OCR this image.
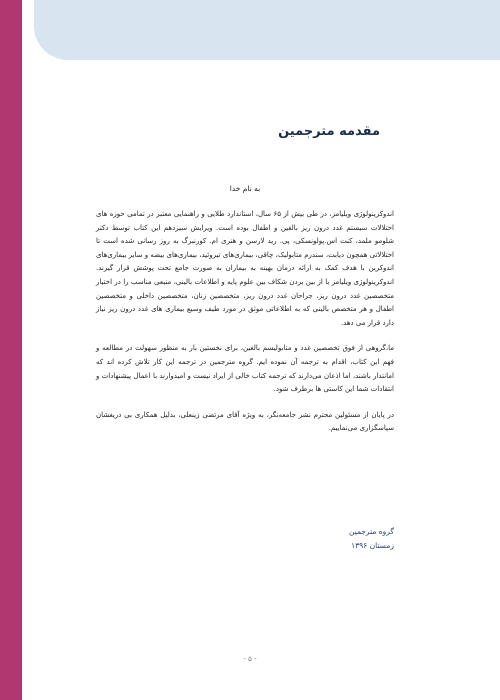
مقدمه مترجمین
به نام خدا

اندوکرینولوژی ویلیامز، در طی بیش از ۶۵ سال، استاندارد طلایی و راهنمایی معتبر در تمامی حوزه های اختلالات سیستم غدد درون ریز بالغین و اطفال بوده است. ویرایش سیزدهم این کتاب توسط دکتر شلومو ملمد، کنت اس.پولونسکی، پی. رید لارسن و هنری ام. کورنبرگ به روز رسانی شده است تا اختلالاتی همچون دیابت، سندرم متابولیک، چاقی، بیماری‌های تیروئید، بیماری‌های بیضه و سایر بیماری‌های اندوکرین با هدف کمک به ارائه درمان بهینه به بیماران به صورت جامع تحت پوشش قرار گیرند. اندوکرینولوژی ویلیامز با از بین بردن شکاف بین علوم پایه و اطلاعات بالینی، منبعی مناسب را در اختیار متخصصین غدد درون ریز، جراحان غدد درون ریز، متخصصین زنان، متخصصین داخلی و متخصصین اطفال و هر متخصص بالینی که به اطلاعاتی موثق در مورد طیف وسیع بیماری های غدد درون ریز نیاز دارد قرار می دهد.

ما،گروهی از فوق تخصصین غدد و متابولیسم بالغین، برای نخستین بار به منظور سهولت در مطالعه و فهم این کتاب، اقدام به ترجمه آن نموده ایم. گروه مترجمین در ترجمه این کار تلاش کرده اند که امانتدار باشند، اما اذعان می‌دارند که ترجمه کتاب خالی از ایراد نیست و امیدوارند با اعمال پیشنهادات و انتقادات شما این کاستی ها برطرف شود.

در پایان از مسئولین محترم نشر جامعه‌نگر، به ویژه آقای مرتضی زینعلی، بدلیل همکاری بی دریغشان سپاسگزاری می‌نماییم.

گروه مترجمین
زمستان ۱۳۹۶
- ۵ -
